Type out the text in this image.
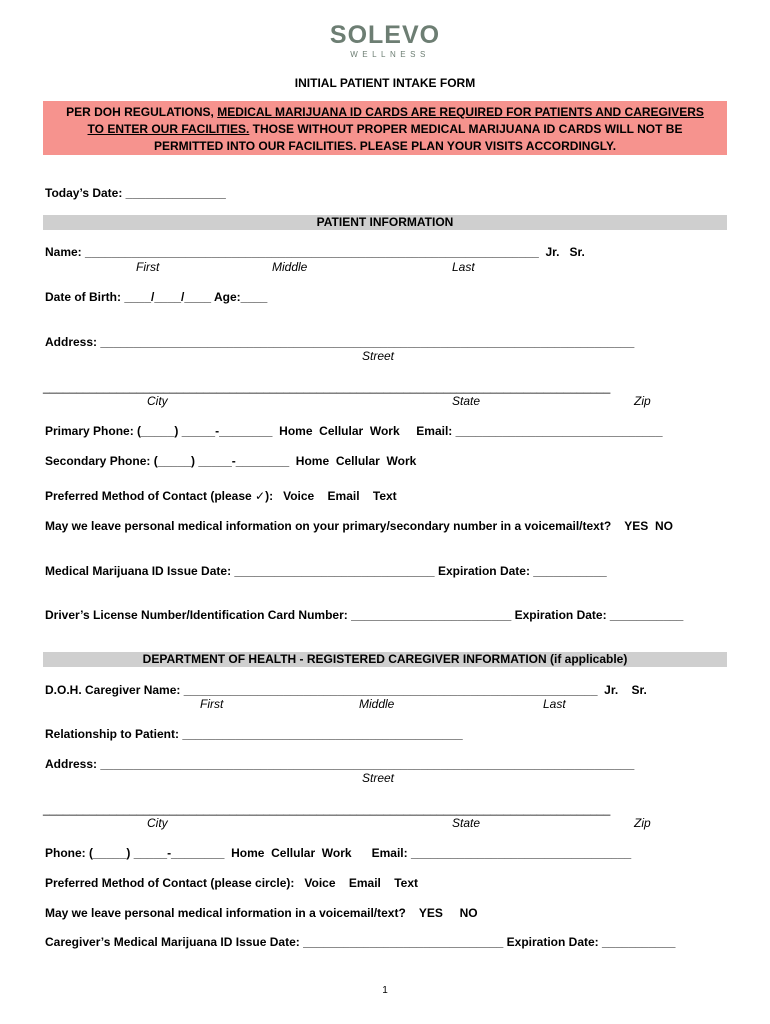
SOLEVO
WELLNESS
INITIAL PATIENT INTAKE FORM
PER DOH REGULATIONS, MEDICAL MARIJUANA ID CARDS ARE REQUIRED FOR PATIENTS AND CAREGIVERS
TO ENTER OUR FACILITIES. THOSE WITHOUT PROPER MEDICAL MARIJUANA ID CARDS WILL NOT BE
PERMITTED INTO OUR FACILITIES. PLEASE PLAN YOUR VISITS ACCORDINGLY.
Today’s Date: _______________
PATIENT INFORMATION
Name: ____________________________________________________________________  Jr.   Sr.
First	Middle	Last
Date of Birth: ____/____/____ Age:____
Address: ________________________________________________________________________________
Street
_____________________________________________________________________________________
City	State	Zip
Primary Phone: (_____) _____-________  Home  Cellular  Work     Email: _______________________________
Secondary Phone: (_____) _____-________  Home  Cellular  Work
Preferred Method of Contact (please ✓):   Voice    Email    Text
May we leave personal medical information on your primary/secondary number in a voicemail/text?    YES  NO
Medical Marijuana ID Issue Date: ______________________________ Expiration Date: ___________
Driver’s License Number/Identification Card Number: ________________________ Expiration Date: ___________
DEPARTMENT OF HEALTH - REGISTERED CAREGIVER INFORMATION (if applicable)
D.O.H. Caregiver Name: ______________________________________________________________  Jr.    Sr.
First	Middle	Last
Relationship to Patient: __________________________________________
Address: ________________________________________________________________________________
Street
_____________________________________________________________________________________
City	State	Zip
Phone: (_____) _____-________  Home  Cellular  Work      Email: _________________________________
Preferred Method of Contact (please circle):   Voice    Email    Text
May we leave personal medical information in a voicemail/text?    YES     NO
Caregiver’s Medical Marijuana ID Issue Date: ______________________________ Expiration Date: ___________
1
